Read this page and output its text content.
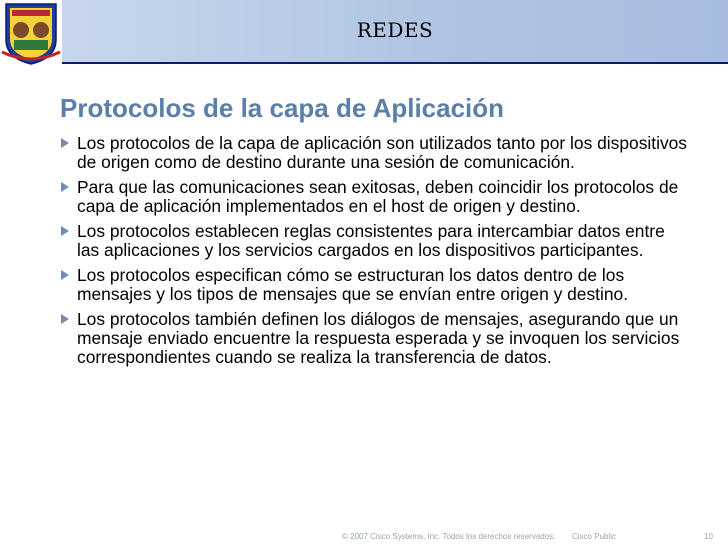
REDES
Protocolos de la capa de Aplicación
Los protocolos de la capa de aplicación son utilizados tanto por los dispositivos de origen como de destino durante una sesión de comunicación.
Para que las comunicaciones sean exitosas, deben coincidir los protocolos de capa de aplicación implementados en el host de origen y destino.
Los protocolos establecen reglas consistentes para intercambiar datos entre las aplicaciones y los servicios cargados en los dispositivos participantes.
Los protocolos especifican cómo se estructuran los datos dentro de los mensajes y los tipos de mensajes que se envían entre origen y destino.
Los protocolos también definen los diálogos de mensajes, asegurando que un mensaje enviado encuentre la respuesta esperada y se invoquen los servicios correspondientes cuando se realiza la transferencia de datos.
© 2007 Cisco Systems, Inc. Todos los derechos reservados. Cisco Public	10
